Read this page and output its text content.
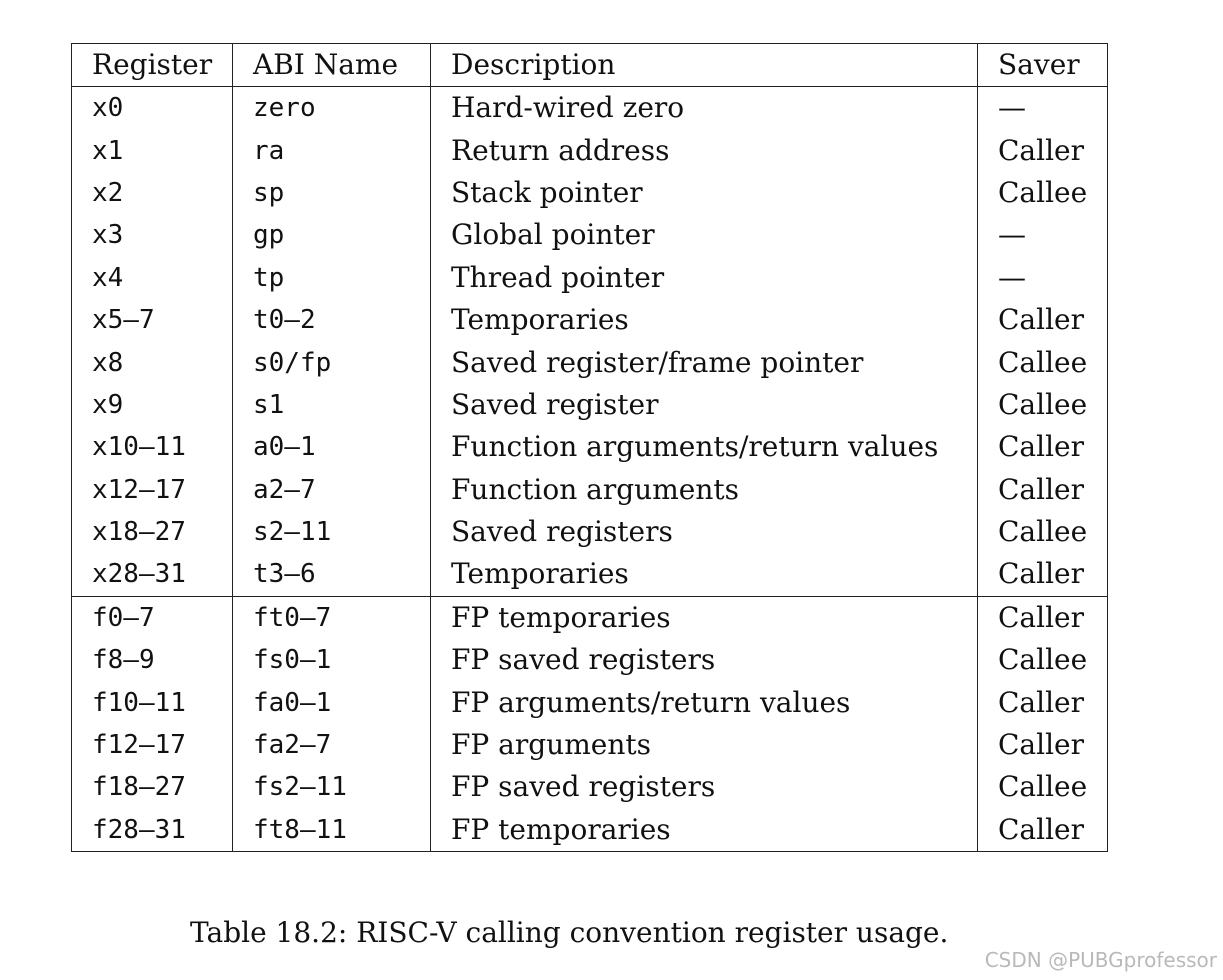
Register	ABI Name	Description	Saver
x0	zero	Hard-wired zero	—
x1	ra	Return address	Caller
x2	sp	Stack pointer	Callee
x3	gp	Global pointer	—
x4	tp	Thread pointer	—
x5–7	t0–2	Temporaries	Caller
x8	s0/fp	Saved register/frame pointer	Callee
x9	s1	Saved register	Callee
x10–11	a0–1	Function arguments/return values	Caller
x12–17	a2–7	Function arguments	Caller
x18–27	s2–11	Saved registers	Callee
x28–31	t3–6	Temporaries	Caller
f0–7	ft0–7	FP temporaries	Caller
f8–9	fs0–1	FP saved registers	Callee
f10–11	fa0–1	FP arguments/return values	Caller
f12–17	fa2–7	FP arguments	Caller
f18–27	fs2–11	FP saved registers	Callee
f28–31	ft8–11	FP temporaries	Caller
Table 18.2: RISC-V calling convention register usage.
CSDN @PUBGprofessor
